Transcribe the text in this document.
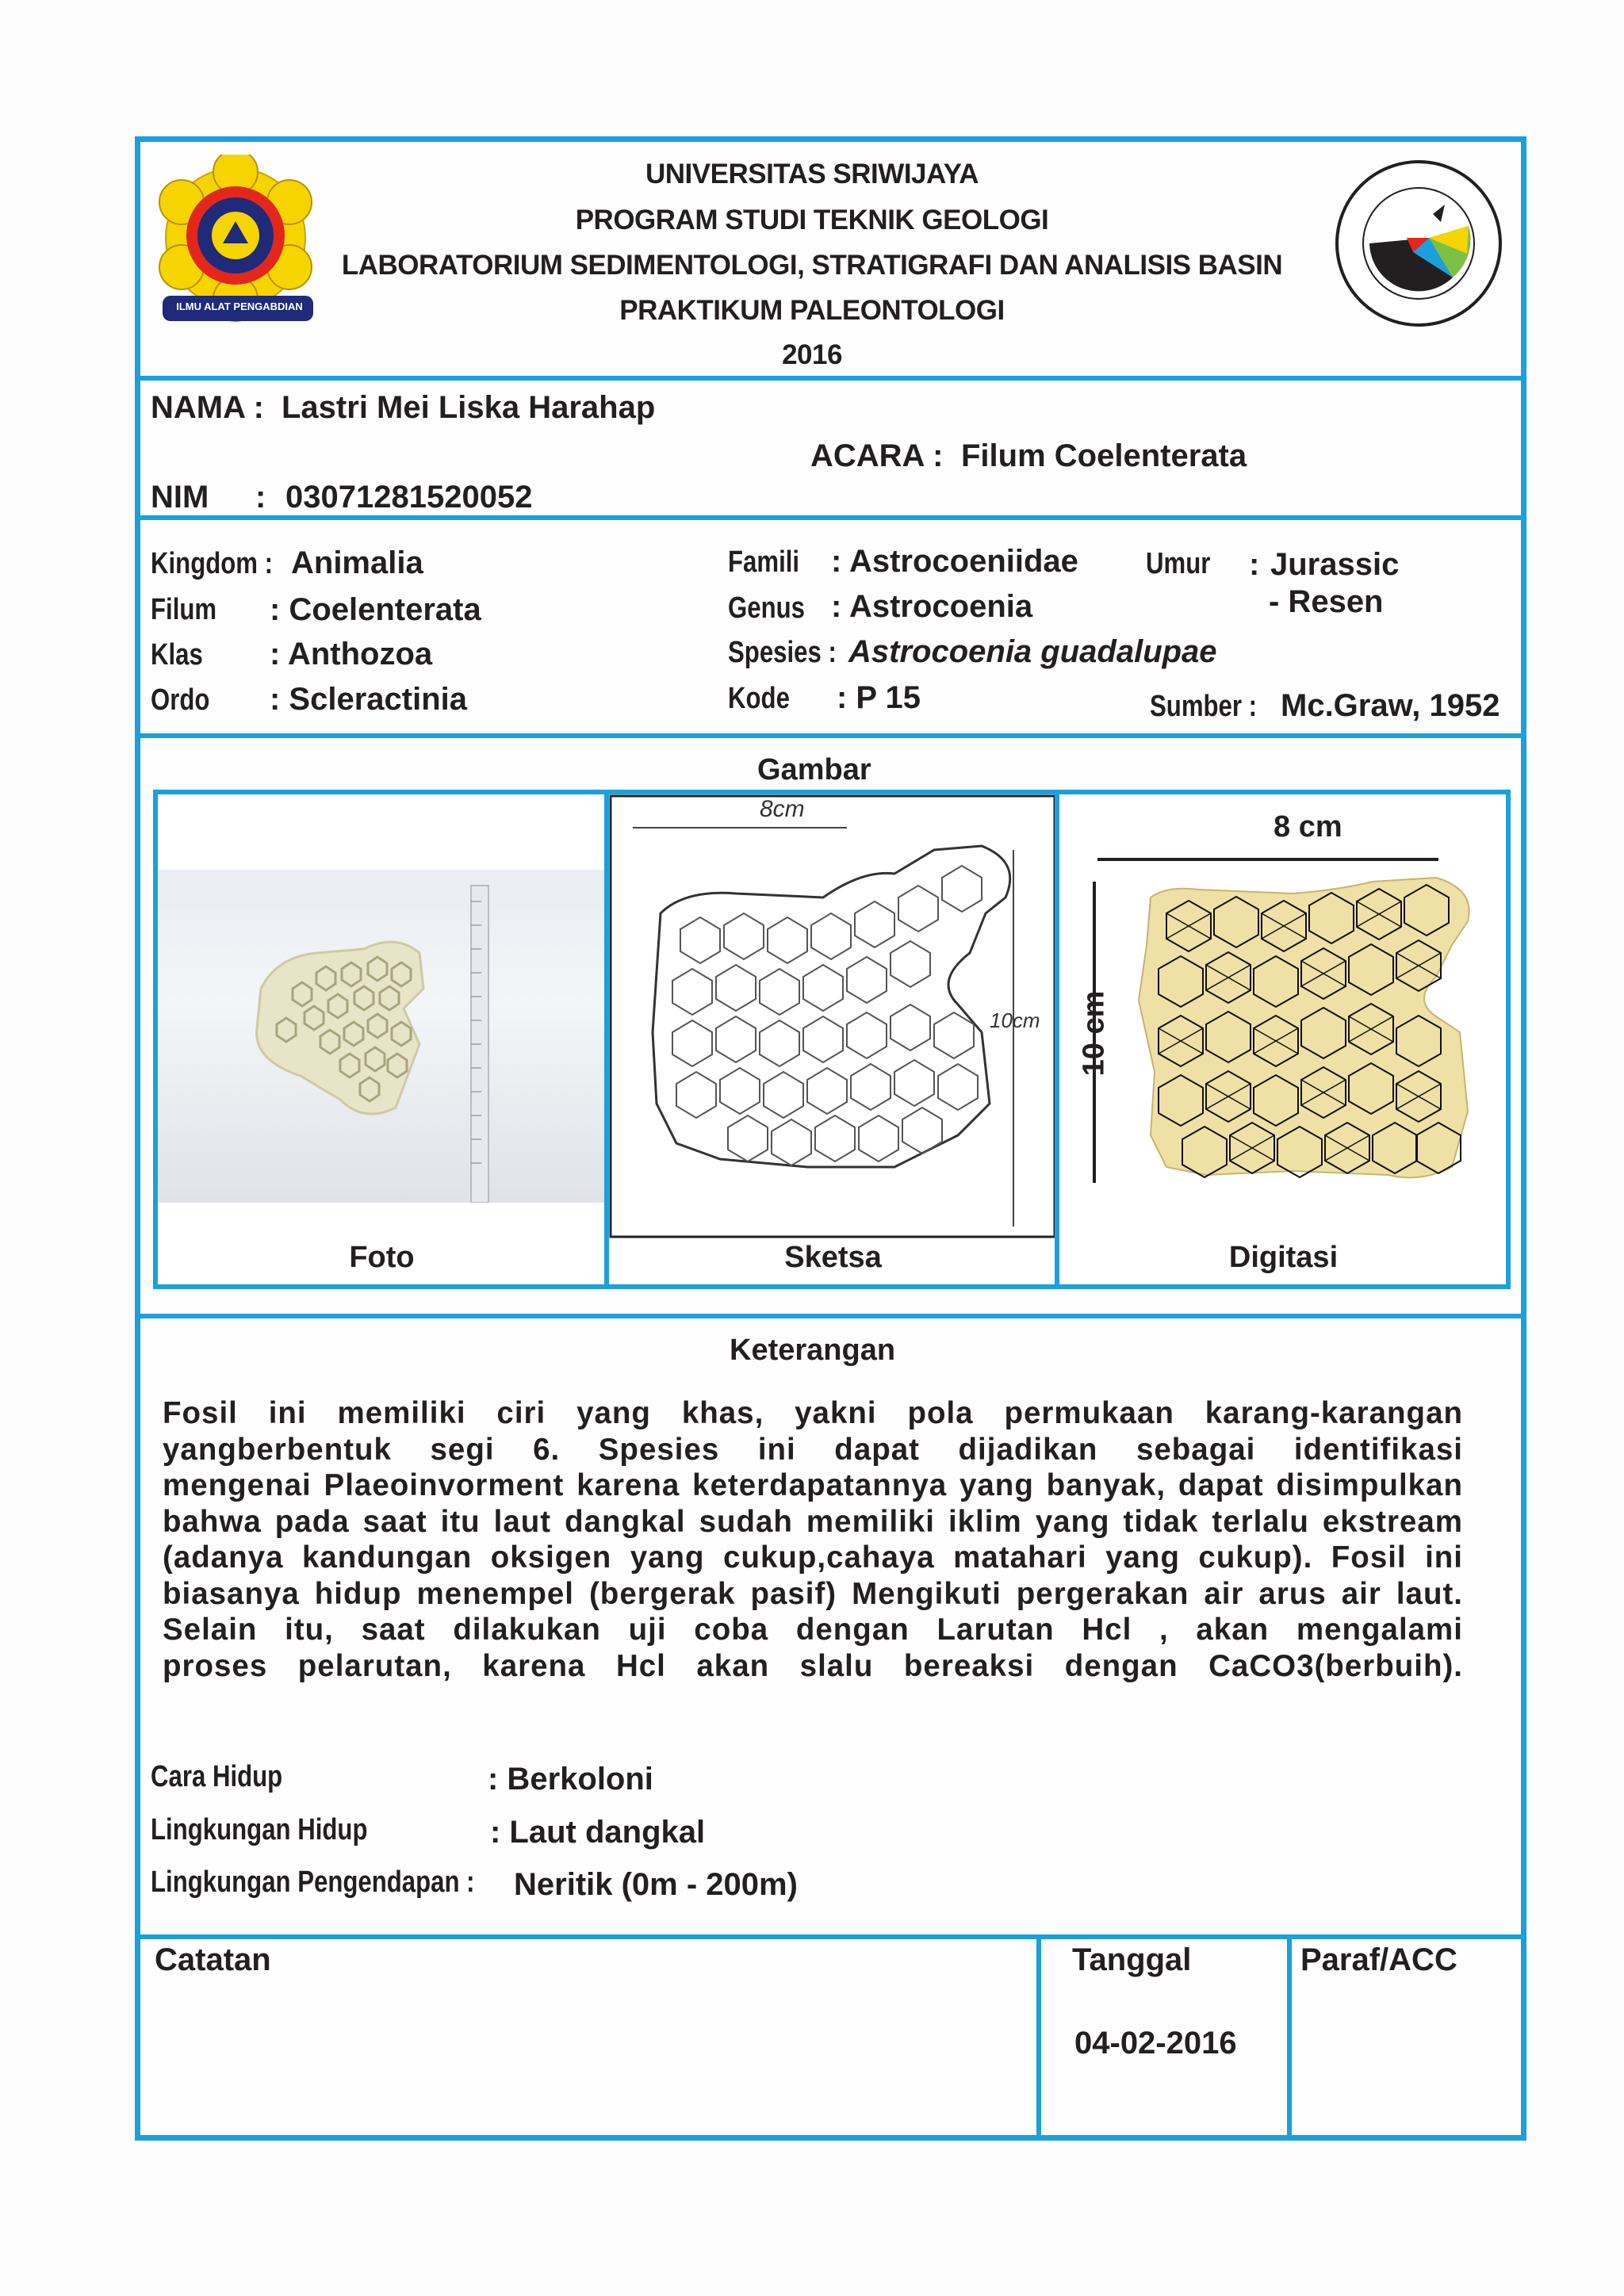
ILMU ALAT PENGABDIAN
UNIVERSITAS SRIWIJAYA
PROGRAM STUDI TEKNIK GEOLOGI
LABORATORIUM SEDIMENTOLOGI, STRATIGRAFI DAN ANALISIS BASIN
PRAKTIKUM PALEONTOLOGI
2016
NAMA : Lastri Mei Liska Harahap
ACARA : Filum Coelenterata
NIM : 03071281520052
Kingdom : Animalia
Filum	: Coelenterata
Klas	: Anthozoa
Ordo	: Scleractinia
Famili : Astrocoeniidae
Genus : Astrocoenia
Spesies : Astrocoenia guadalupae
Kode	: P 15
Umur	: Jurassic
- Resen
Sumber : Mc.Graw, 1952
Gambar
Foto
8cm
10cm
Sketsa
8 cm
10 cm
Digitasi
Keterangan
Fosil ini memiliki ciri yang khas, yakni pola permukaan karang-karangan
yangberbentuk segi 6. Spesies ini dapat dijadikan sebagai identifikasi
mengenai Plaeoinvorment karena keterdapatannya yang banyak, dapat disimpulkan
bahwa pada saat itu laut dangkal sudah memiliki iklim yang tidak terlalu ekstream
(adanya kandungan oksigen yang cukup,cahaya matahari yang cukup). Fosil ini
biasanya hidup menempel (bergerak pasif) Mengikuti pergerakan air arus air laut.
Selain itu, saat dilakukan uji coba dengan Larutan Hcl , akan mengalami
proses pelarutan, karena Hcl akan slalu bereaksi dengan CaCO3(berbuih).
Cara Hidup	: Berkoloni
Lingkungan Hidup	: Laut dangkal
Lingkungan Pengendapan :	Neritik (0m - 200m)
Catatan	Tanggal
04-02-2016
Paraf/ACC
